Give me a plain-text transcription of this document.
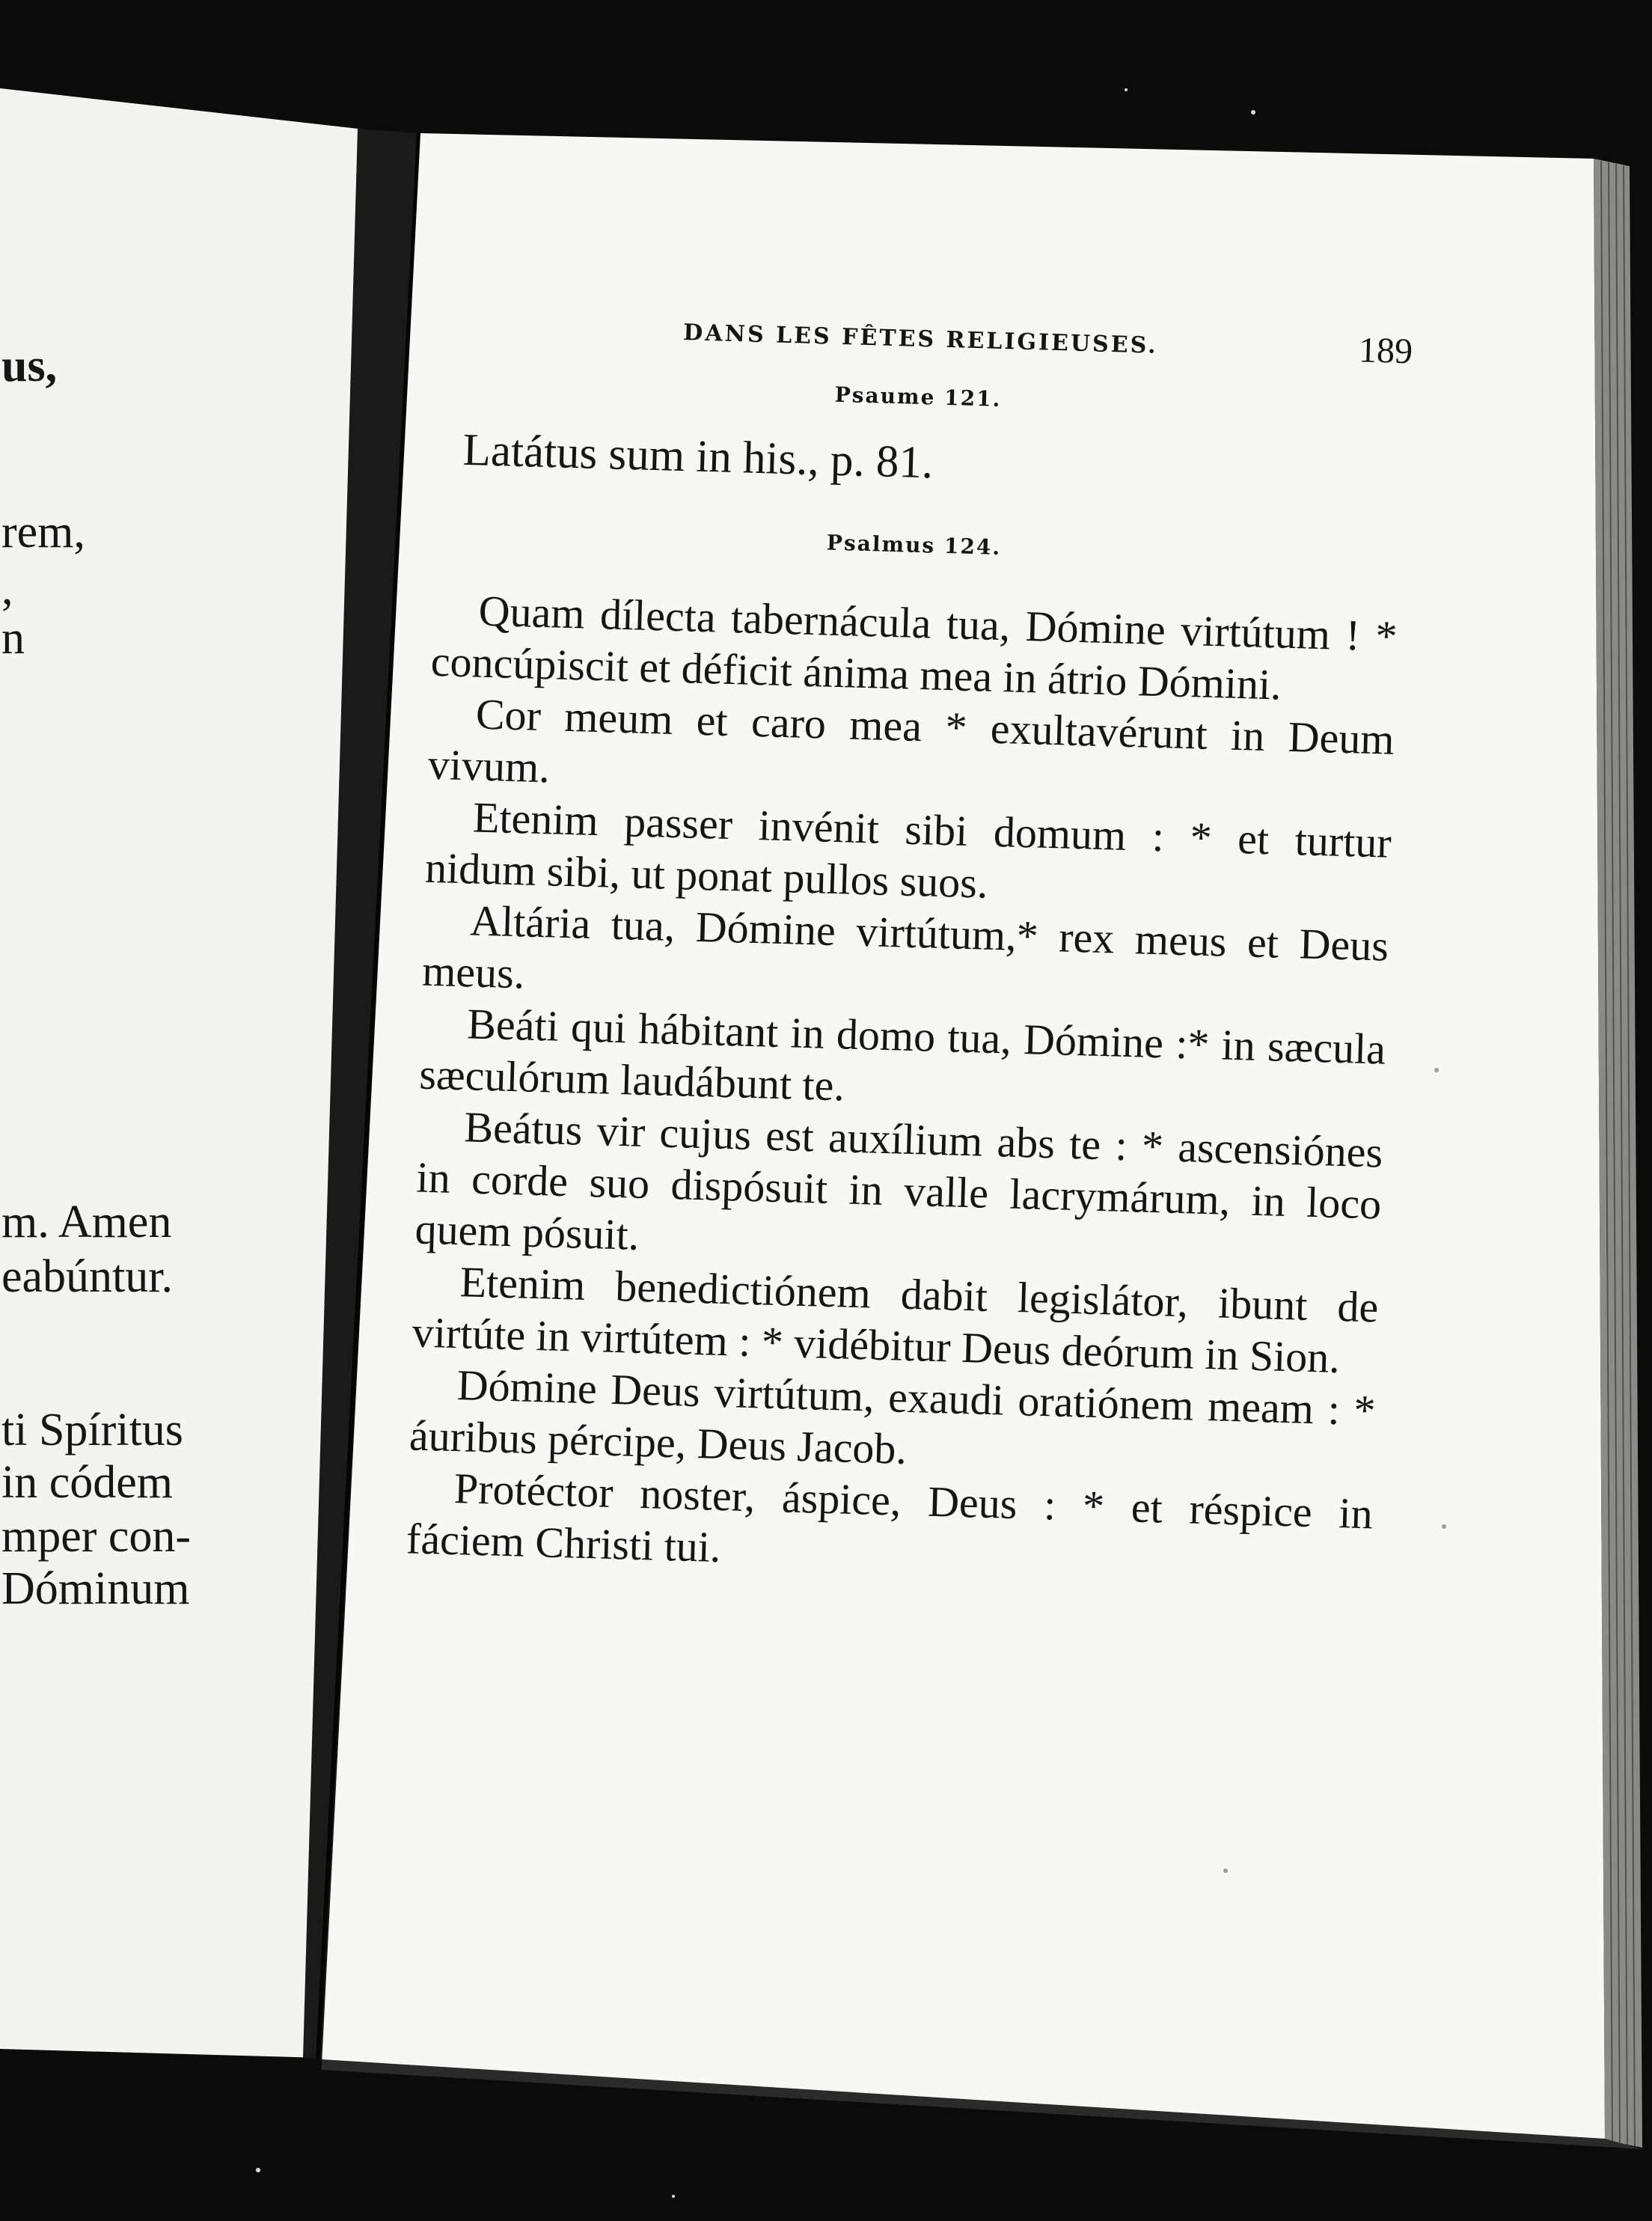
us,
rem,
,
n
m. Amen
eabúntur.
ti Spíritus
in códem
mper con-
Dóminum
DANS LES FÊTES RELIGIEUSES.	189
Psaume 121.
Latátus sum in his., p. 81.
Psalmus 124.

Quam dílecta tabernácula tua, Dómine virtútum ! * concúpiscit et déficit ánima mea in átrio Dómini.

Cor meum et caro mea * exultavérunt in Deum vivum.

Etenim passer invénit sibi domum : * et turtur nidum sibi, ut ponat pullos suos.

Altária tua, Dómine virtútum,* rex meus et Deus meus.

Beáti qui hábitant in domo tua, Dómine :* in sæcula sæculórum laudábunt te.

Beátus vir cujus est auxílium abs te : * ascensiónes in corde suo dispósuit in valle lacrymárum, in loco quem pósuit.

Etenim benedictiónem dabit legislátor, ibunt de virtúte in virtútem : * vidébitur Deus deórum in Sion.

Dómine Deus virtútum, exaudi oratiónem meam : * áuribus pércipe, Deus Jacob.

Protéctor noster, áspice, Deus : * et réspice in fáciem Christi tui.
